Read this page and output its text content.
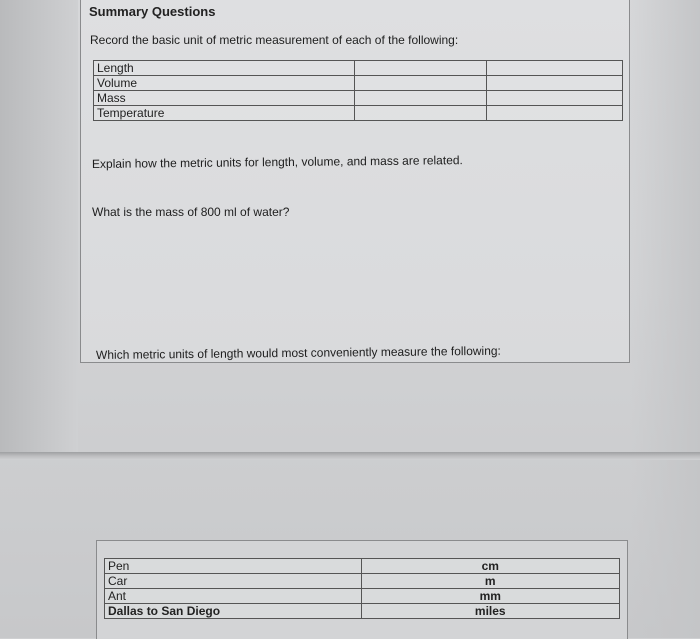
Summary Questions
Record the basic unit of metric measurement of each of the following:
Length		
Volume		
Mass		
Temperature		
Explain how the metric units for length, volume, and mass are related.
What is the mass of 800 ml of water?
Which metric units of length would most conveniently measure the following:
Pen	cm
Car	m
Ant	mm
Dallas to San Diego	miles
